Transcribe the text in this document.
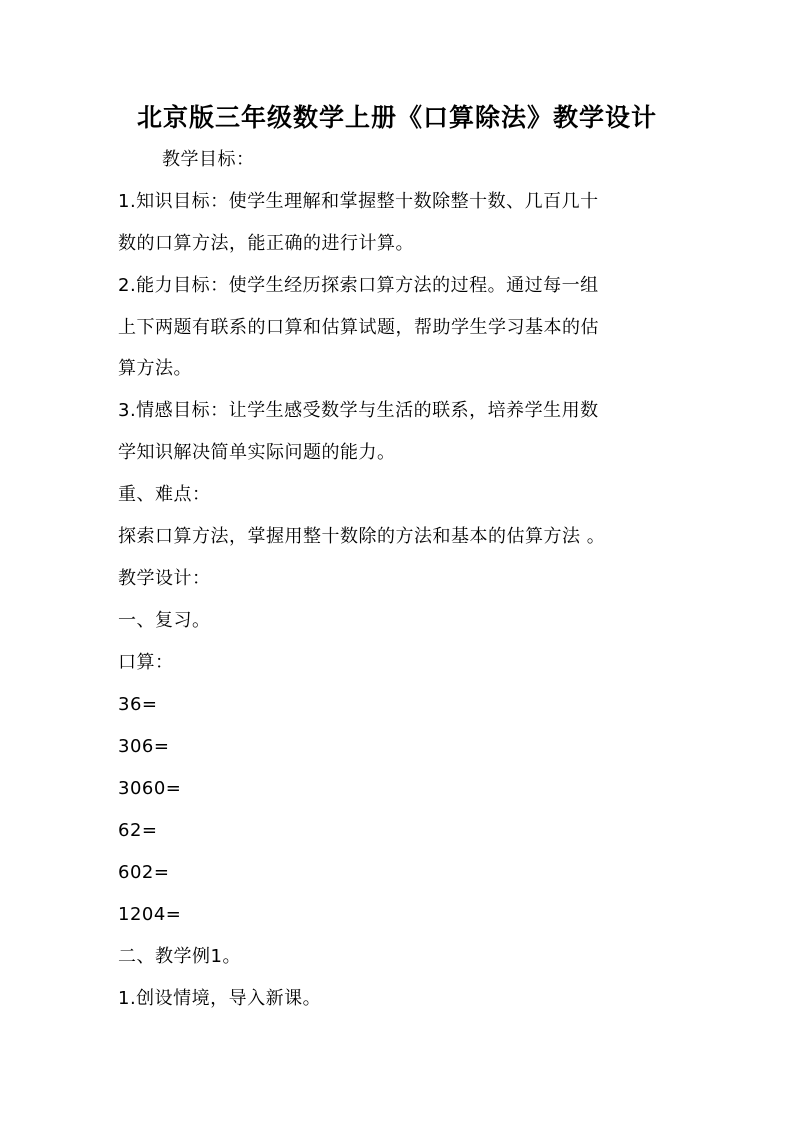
北京版三年级数学上册《口算除法》教学设计

教学目标：

1.知识目标：使学生理解和掌握整十数除整十数、几百几十

数的口算方法，能正确的进行计算。

2.能力目标：使学生经历探索口算方法的过程。通过每一组

上下两题有联系的口算和估算试题，帮助学生学习基本的估

算方法。

3.情感目标：让学生感受数学与生活的联系，培养学生用数

学知识解决简单实际问题的能力。

重、难点：

探索口算方法，掌握用整十数除的方法和基本的估算方法 。

教学设计：

一、复习。

口算：

36=

306=

3060=

62=

602=

1204=

二、教学例1。

1.创设情境，导入新课。
